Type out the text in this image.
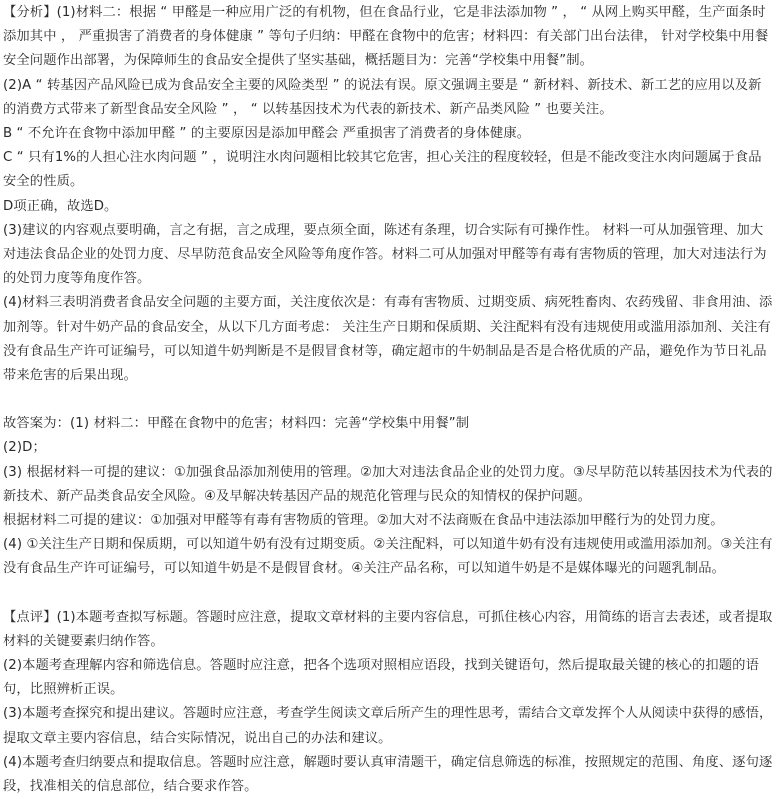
【分析】(1)材料二：根据 “ 甲醛是一种应用广泛的有机物，但在食品行业，它是非法添加物 ” ， “ 从网上购买甲醛，生产面条时添加其中 ， 严重损害了消费者的身体健康 ” 等句子归纳：甲醛在食物中的危害；材料四：有关部门出台法律， 针对学校集中用餐安全问题作出部署，为保障师生的食品安全提供了坚实基础，概括题目为：完善“学校集中用餐”制。

(2)A “ 转基因产品风险已成为食品安全主要的风险类型 ” 的说法有误。原文强调主要是 “ 新材料、新技术、新工艺的应用以及新的消费方式带来了新型食品安全风险 ” ， “ 以转基因技术为代表的新技术、新产品类风险 ” 也要关注。

B “ 不允许在食物中添加甲醛 ” 的主要原因是添加甲醛会 严重损害了消费者的身体健康。

C “ 只有1%的人担心注水肉问题 ” ，说明注水肉问题相比较其它危害，担心关注的程度较轻，但是不能改变注水肉问题属于食品安全的性质。

D项正确，故选D。

(3)建议的内容观点要明确，言之有据，言之成理，要点须全面，陈述有条理，切合实际有可操作性。 材料一可从加强管理、加大对违法食品企业的处罚力度、尽早防范食品安全风险等角度作答。材料二可从加强对甲醛等有毒有害物质的管理，加大对违法行为的处罚力度等角度作答。

(4)材料三表明消费者食品安全问题的主要方面，关注度依次是：有毒有害物质、过期变质、病死牲畜肉、农药残留、非食用油、添加剂等。针对牛奶产品的食品安全，从以下几方面考虑： 关注生产日期和保质期、关注配料有没有违规使用或滥用添加剂、关注有没有食品生产许可证编号，可以知道牛奶判断是不是假冒食材等，确定超市的牛奶制品是否是合格优质的产品，避免作为节日礼品带来危害的后果出现。

故答案为：(1) 材料二：甲醛在食物中的危害；材料四：完善“学校集中用餐”制

(2)D；

(3) 根据材料一可提的建议：①加强食品添加剂使用的管理。②加大对违法食品企业的处罚力度。③尽早防范以转基因技术为代表的新技术、新产品类食品安全风险。④及早解决转基因产品的规范化管理与民众的知情权的保护问题。

根据材料二可提的建议：①加强对甲醛等有毒有害物质的管理。②加大对不法商贩在食品中违法添加甲醛行为的处罚力度。

(4) ①关注生产日期和保质期，可以知道牛奶有没有过期变质。②关注配料，可以知道牛奶有没有违规使用或滥用添加剂。③关注有没有食品生产许可证编号，可以知道牛奶是不是假冒食材。④关注产品名称，可以知道牛奶是不是媒体曝光的问题乳制品。

【点评】(1)本题考查拟写标题。答题时应注意，提取文章材料的主要内容信息，可抓住核心内容，用简练的语言去表述，或者提取材料的关键要素归纳作答。

(2)本题考查理解内容和筛选信息。答题时应注意，把各个选项对照相应语段，找到关键语句，然后提取最关键的核心的扣题的语句，比照辨析正误。

(3)本题考查探究和提出建议。答题时应注意，考查学生阅读文章后所产生的理性思考，需结合文章发挥个人从阅读中获得的感悟，提取文章主要内容信息，结合实际情况，说出自己的办法和建议。

(4)本题考查归纳要点和提取信息。答题时应注意，解题时要认真审清题干，确定信息筛选的标准，按照规定的范围、角度、逐句逐段，找准相关的信息部位，结合要求作答。
